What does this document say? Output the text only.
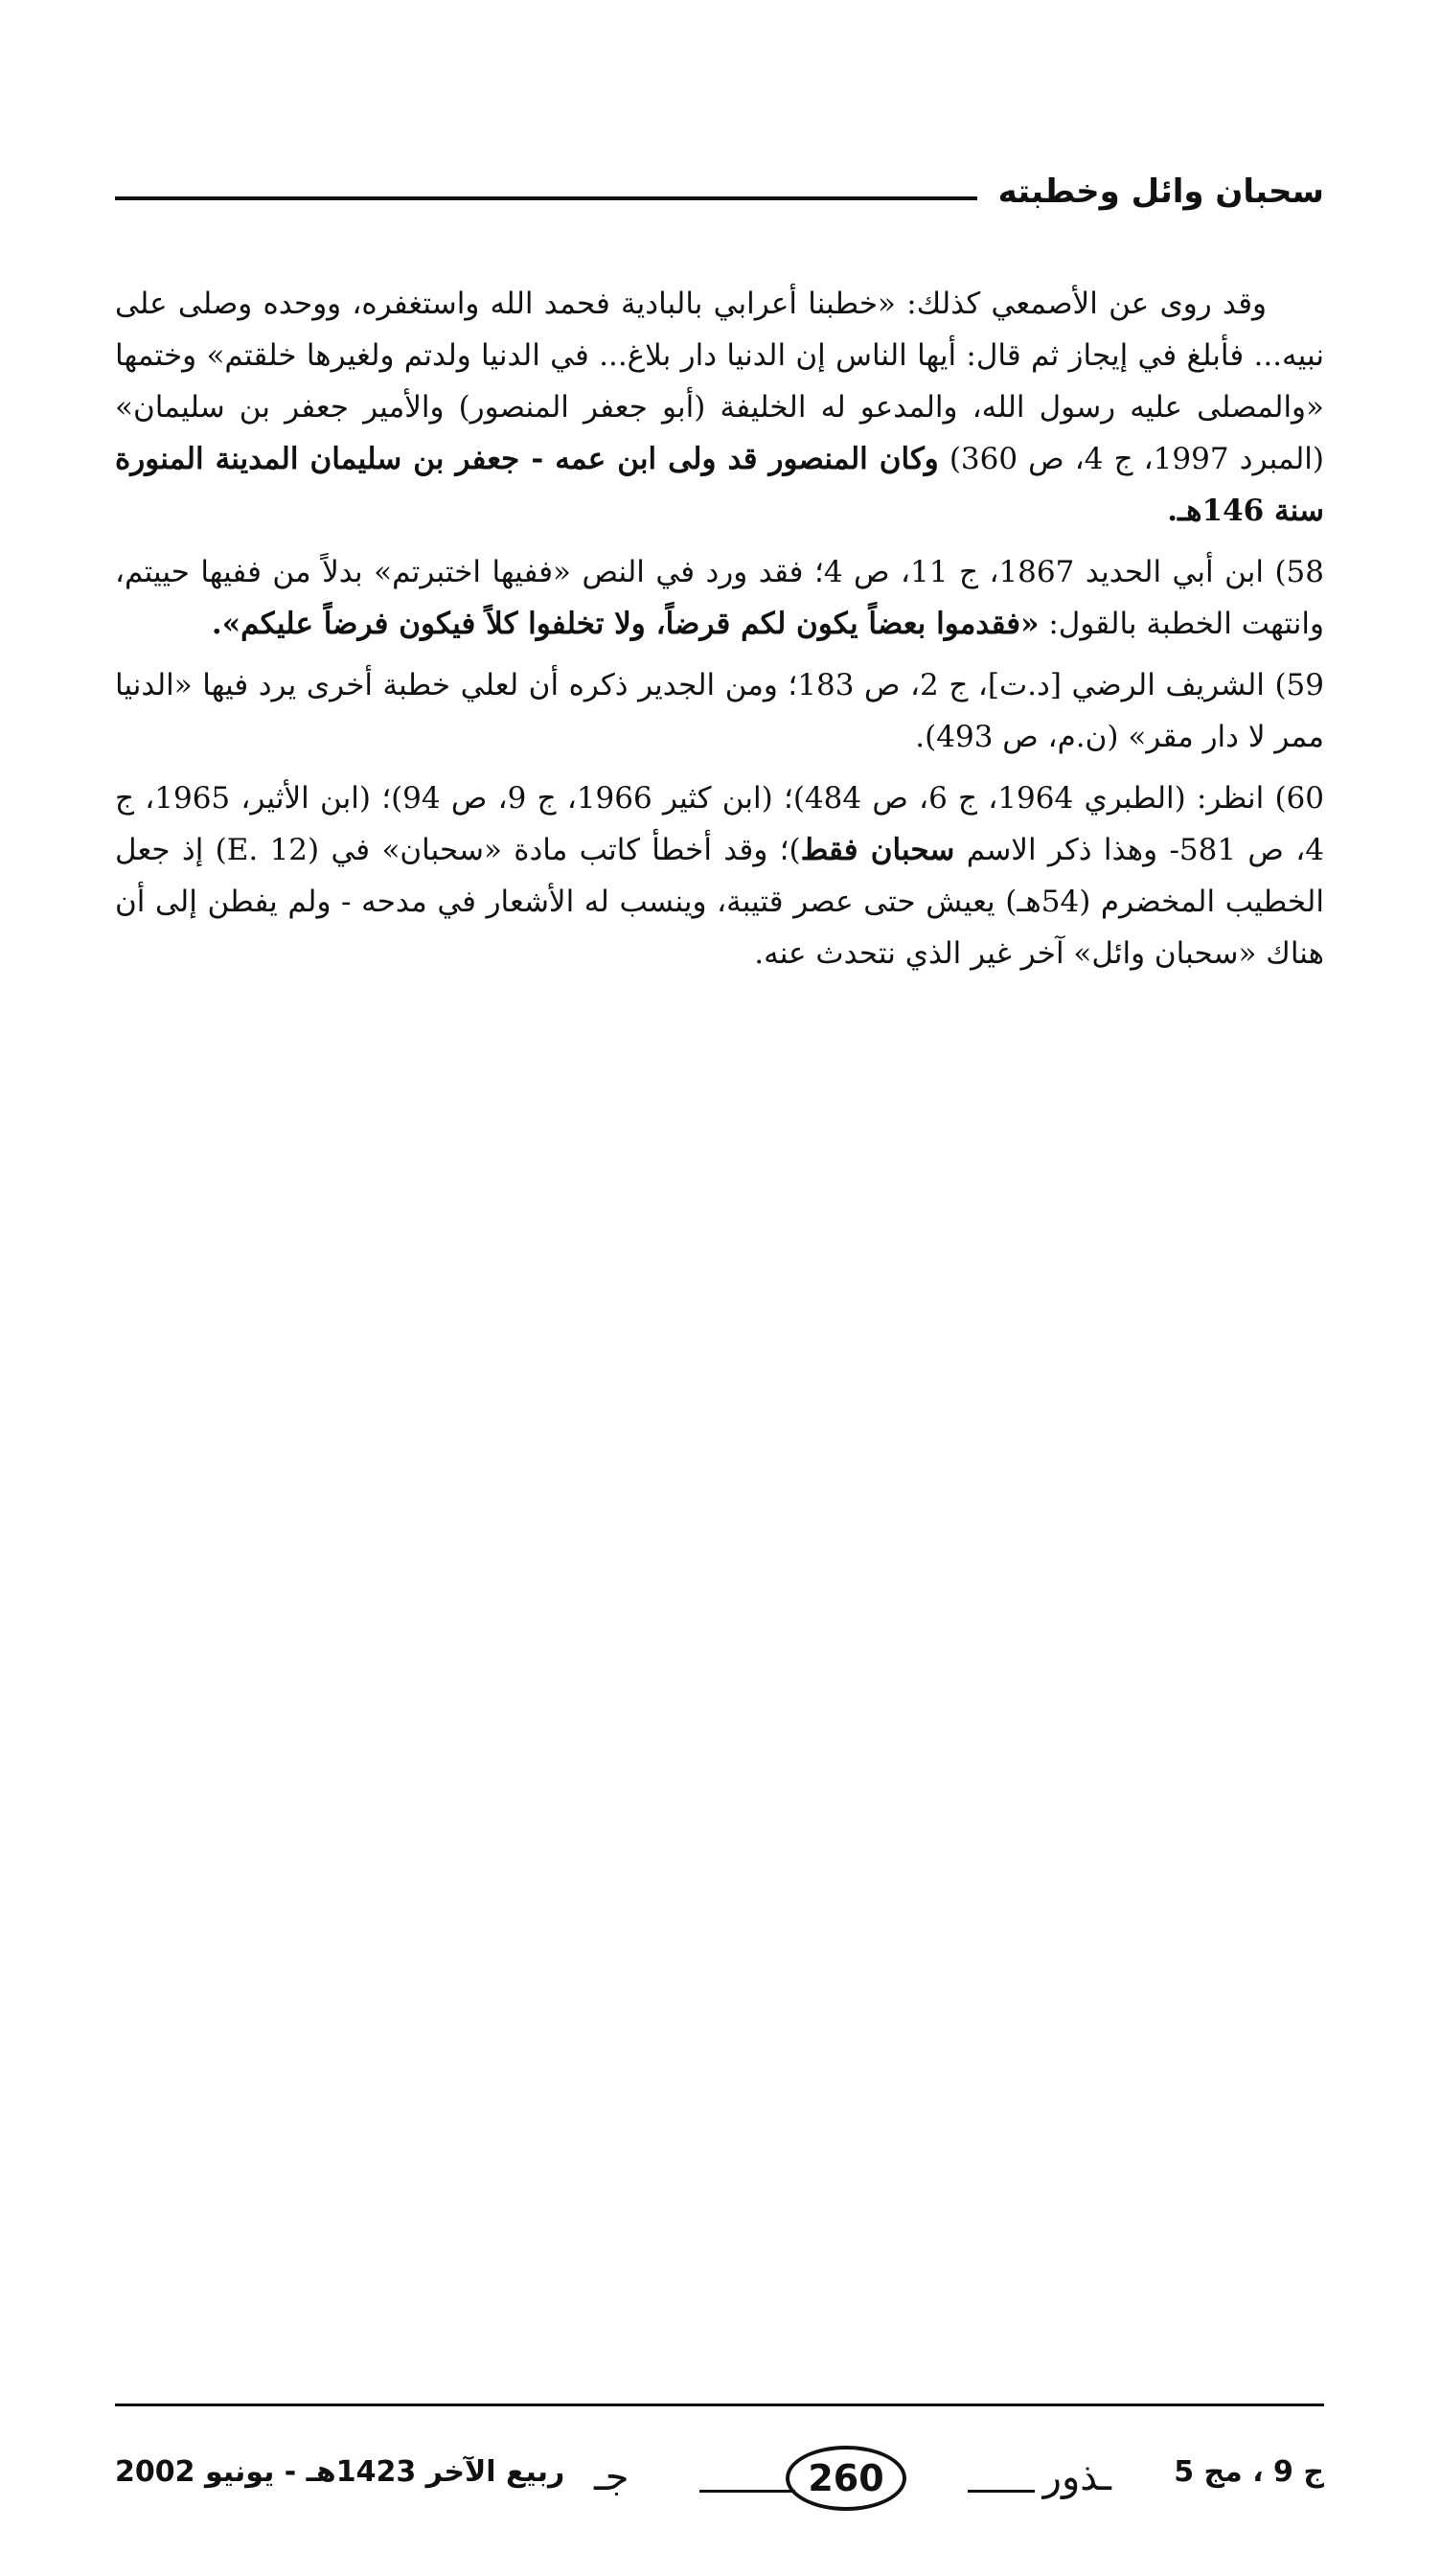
سحبان وائل وخطبته

وقد روى عن الأصمعي كذلك: «خطبنا أعرابي بالبادية فحمد الله واستغفره، ووحده وصلى على نبيه... فأبلغ في إيجاز ثم قال: أيها الناس إن الدنيا دار بلاغ... في الدنيا ولدتم ولغيرها خلقتم» وختمها «والمصلى عليه رسول الله، والمدعو له الخليفة (أبو جعفر المنصور) والأمير جعفر بن سليمان» (المبرد 1997، ج 4، ص 360) وكان المنصور قد ولى ابن عمه - جعفر بن سليمان المدينة المنورة سنة 146هـ.

58) ابن أبي الحديد 1867، ج 11، ص 4؛ فقد ورد في النص «ففيها اختبرتم» بدلاً من ففيها حييتم، وانتهت الخطبة بالقول: «فقدموا بعضاً يكون لكم قرضاً، ولا تخلفوا كلاً فيكون فرضاً عليكم».

59) الشريف الرضي [د.ت]، ج 2، ص 183؛ ومن الجدير ذكره أن لعلي خطبة أخرى يرد فيها «الدنيا ممر لا دار مقر» (ن.م، ص 493).

60) انظر: (الطبري 1964، ج 6، ص 484)؛ (ابن كثير 1966، ج 9، ص 94)؛ (ابن الأثير، 1965، ج 4، ص 581- وهذا ذكر الاسم سحبان فقط)؛ وقد أخطأ كاتب مادة «سحبان» في (E. 12) إذ جعل الخطيب المخضرم (54هـ) يعيش حتى عصر قتيبة، وينسب له الأشعار في مدحه - ولم يفطن إلى أن هناك «سحبان وائل» آخر غير الذي نتحدث عنه.

ج 9 ، مج 5
جـ	260	ـذور
ربيع الآخر 1423هـ - يونيو 2002
